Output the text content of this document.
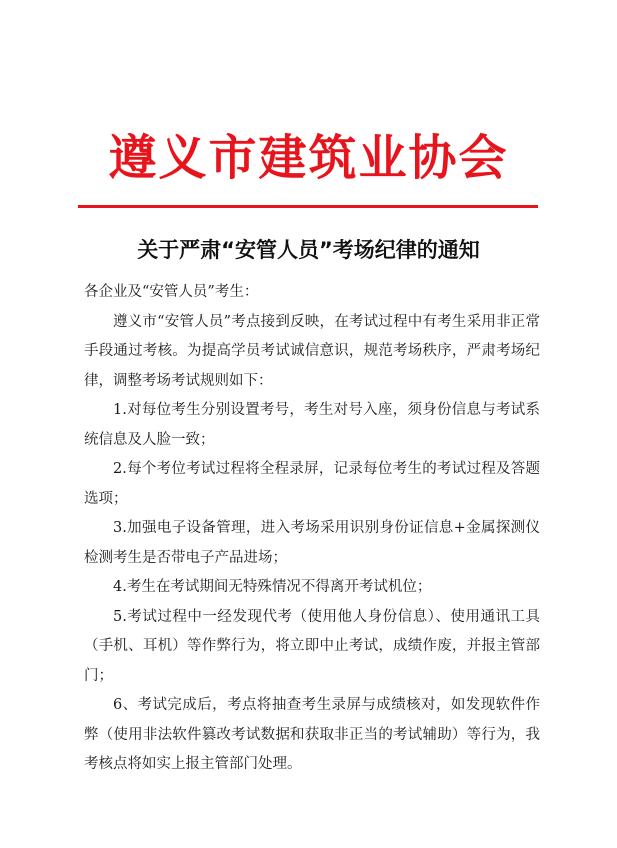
遵义市建筑业协会
关于严肃“安管人员”考场纪律的通知

各企业及“安管人员”考生：

遵义市“安管人员”考点接到反映，在考试过程中有考生采用非正常手段通过考核。为提高学员考试诚信意识，规范考场秩序，严肃考场纪律，调整考场考试规则如下：

1.对每位考生分别设置考号，考生对号入座，须身份信息与考试系统信息及人脸一致；

2.每个考位考试过程将全程录屏，记录每位考生的考试过程及答题选项；

3.加强电子设备管理，进入考场采用识别身份证信息+金属探测仪检测考生是否带电子产品进场；

4.考生在考试期间无特殊情况不得离开考试机位；

5.考试过程中一经发现代考（使用他人身份信息）、使用通讯工具（手机、耳机）等作弊行为，将立即中止考试，成绩作废，并报主管部门；

6、考试完成后，考点将抽查考生录屏与成绩核对，如发现软件作弊（使用非法软件篡改考试数据和获取非正当的考试辅助）等行为，我考核点将如实上报主管部门处理。
